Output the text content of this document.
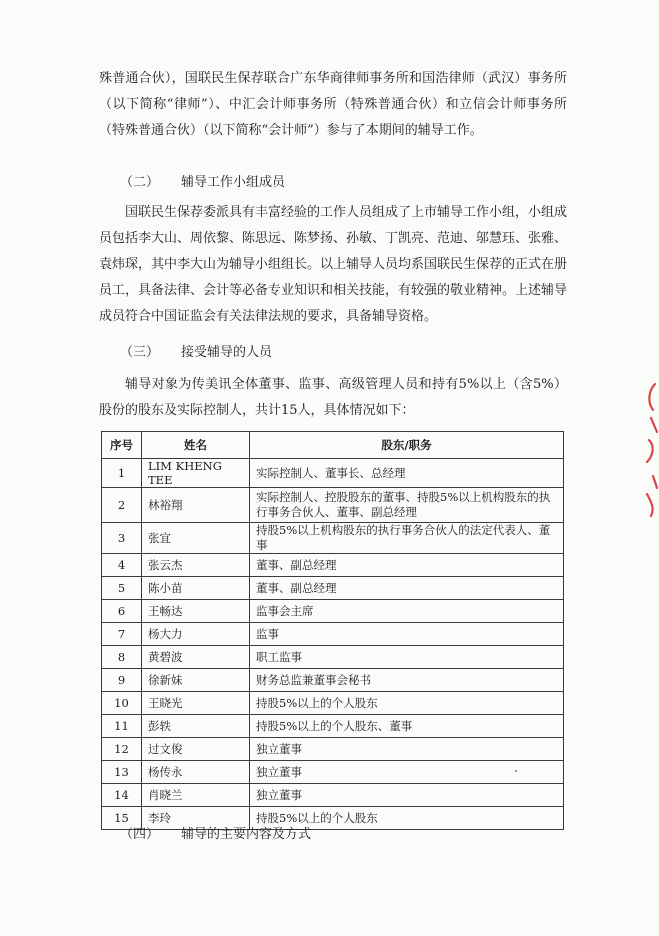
殊普通合伙），国联民生保荐联合广东华商律师事务所和国浩律师（武汉）事务所（以下简称“律师”）、中汇会计师事务所（特殊普通合伙）和立信会计师事务所（特殊普通合伙）（以下简称“会计师”）参与了本期间的辅导工作。

（二） 辅导工作小组成员

国联民生保荐委派具有丰富经验的工作人员组成了上市辅导工作小组，小组成员包括李大山、周依黎、陈思远、陈梦扬、孙敏、丁凯亮、范迪、邬慧珏、张雅、袁炜琛，其中李大山为辅导小组组长。以上辅导人员均系国联民生保荐的正式在册员工，具备法律、会计等必备专业知识和相关技能，有较强的敬业精神。上述辅导成员符合中国证监会有关法律法规的要求，具备辅导资格。

（三） 接受辅导的人员

辅导对象为传美讯全体董事、监事、高级管理人员和持有5%以上（含5%）股份的股东及实际控制人，共计15人，具体情况如下：

序号	姓名	股东/职务
1	LIM KHENG TEE	实际控制人、董事长、总经理
2	林裕翔	实际控制人、控股股东的董事、持股5%以上机构股东的执行事务合伙人、董事、副总经理
3	张宜	持股5%以上机构股东的执行事务合伙人的法定代表人、董事
4	张云杰	董事、副总经理
5	陈小苗	董事、副总经理
6	王畅达	监事会主席
7	杨大力	监事
8	黄碧波	职工监事
9	徐新妹	财务总监兼董事会秘书
10	王晓光	持股5%以上的个人股东
11	彭轶	持股5%以上的个人股东、董事
12	过文俊	独立董事
13	杨传永	独立董事
14	肖晓兰	独立董事
15	李玲	持股5%以上的个人股东

（四） 辅导的主要内容及方式
